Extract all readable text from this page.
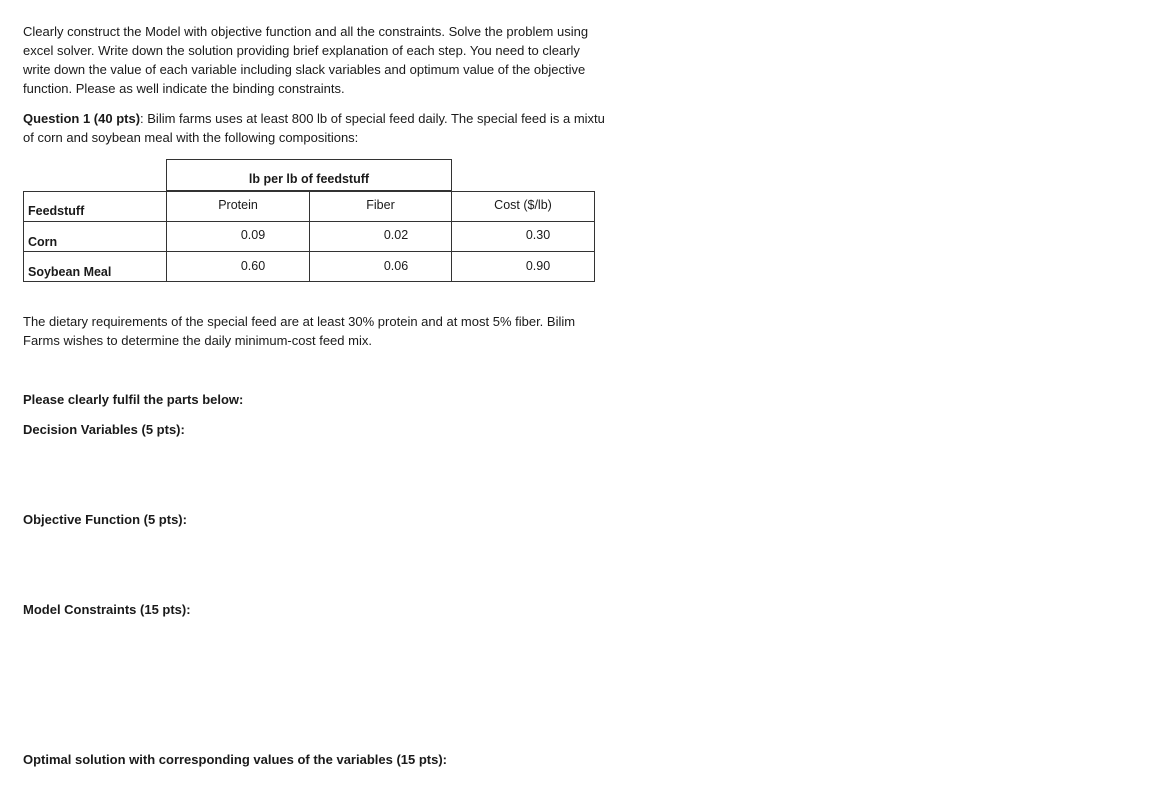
Clearly construct the Model with objective function and all the constraints. Solve the problem using
excel solver. Write down the solution providing brief explanation of each step. You need to clearly
write down the value of each variable including slack variables and optimum value of the objective
function. Please as well indicate the binding constraints.
Question 1 (40 pts): Bilim farms uses at least 800 lb of special feed daily. The special feed is a mixtu
of corn and soybean meal with the following compositions:
lb per lb of feedstuff
Feedstuff	Protein	Fiber	Cost ($/lb)
Corn	0.09	0.02	0.30
Soybean Meal	0.60	0.06	0.90
The dietary requirements of the special feed are at least 30% protein and at most 5% fiber. Bilim
Farms wishes to determine the daily minimum-cost feed mix.
Please clearly fulfil the parts below:
Decision Variables (5 pts):
Objective Function (5 pts):
Model Constraints (15 pts):
Optimal solution with corresponding values of the variables (15 pts):
